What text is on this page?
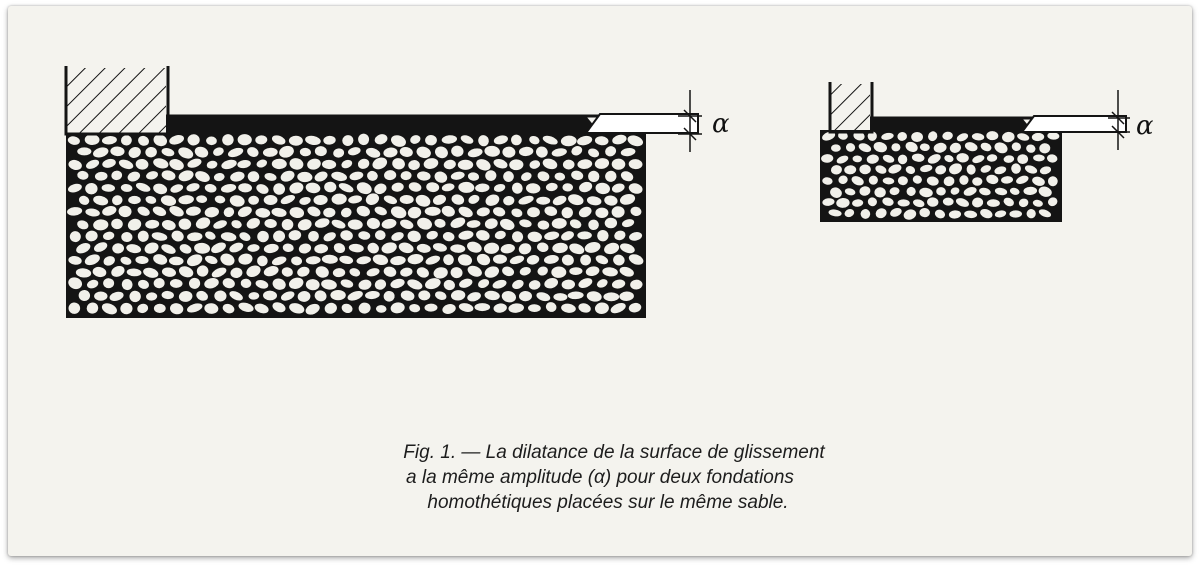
α	α
Fig. 1. — La dilatance de la surface de glissement
a la même amplitude (α) pour deux fondations
homothétiques placées sur le même sable.
